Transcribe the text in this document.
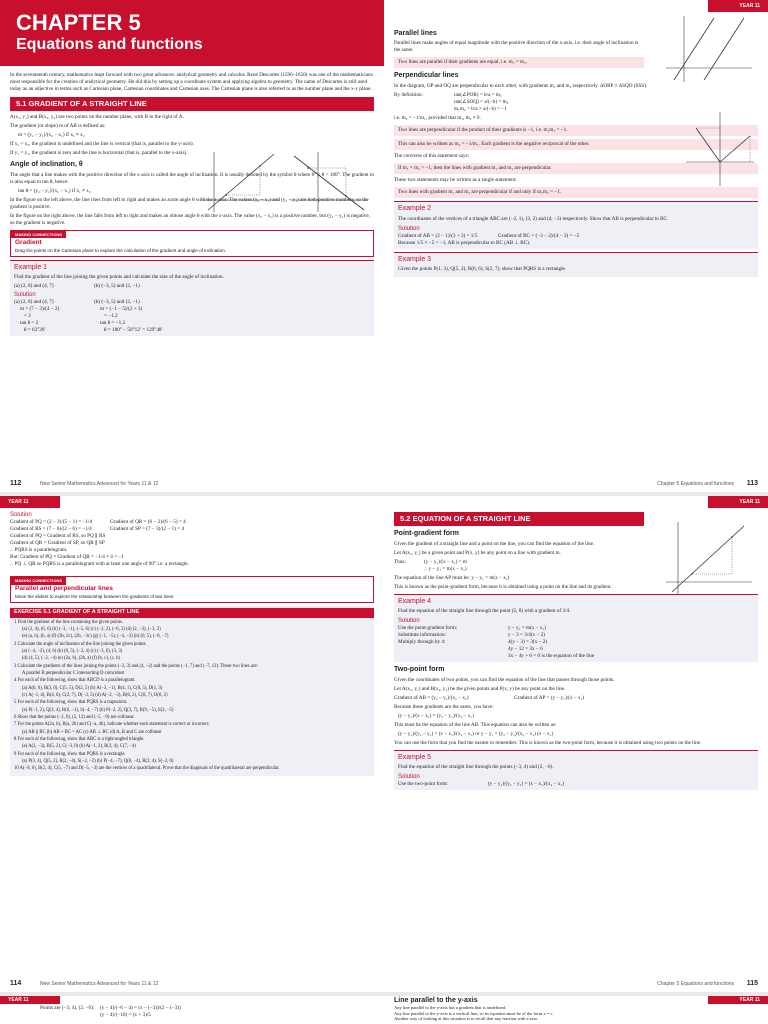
CHAPTER 5
Equations and functions
In the seventeenth century, mathematics leapt forward with two great advances: analytical geometry and calculus. René Descartes (1596–1650) was one of the mathematicians most responsible for the creation of analytical geometry. He did this by setting up a coordinate system and applying algebra to geometry. The name of Descartes is still used today as an adjective in terms such as Cartesian plane, Cartesian coordinates and Cartesian axes. The Cartesian plane is also referred to as the number plane and the x-y plane.
5.1 GRADIENT OF A STRAIGHT LINE
A(x₁, y₁) and B(x₂, y₂) are two points on the number plane, with B to the right of A.
The gradient (or slope) m of AB is defined as:
m = (y₂ − y₁)/(x₂ − x₁) if x₁ ≠ x₂
If x₁ = x₂, the gradient is undefined and the line is vertical (that is, parallel to the y-axis).
If y₁ = y₂, the gradient is zero and the line is horizontal (that is, parallel to the x-axis).
Angle of inclination, θ
The angle that a line makes with the positive direction of the x-axis is called the angle of inclination. It is usually denoted by the symbol θ where 0° ≤ θ < 180°. The gradient m is also equal to tan θ, hence:
tan θ = (y₂ − y₁)/(x₂ − x₁) if x₁ ≠ x₂
In the figure on the left above, the line rises from left to right and makes an acute angle θ with the x-axis. The values (x₂ − x₁) and (y₂ − y₁) are both positive numbers, so the gradient is positive.
In the figure on the right above, the line falls from left to right and makes an obtuse angle θ with the x-axis. The value (x₂ − x₁) is a positive number, but (y₂ − y₁) is negative, so the gradient is negative.
MAKING CONNECTIONS
Gradient
Drag the points on the Cartesian plane to explore the calculation of the gradient and angle of inclination.
Example 1
Find the gradient of the line joining the given points and calculate the size of the angle of inclination.
(a) (2, 8) and (4, 7)	(b) (−3, 5) and (2, −1)
Solution
(a) (2, 8) and (4, 7)
m = (7 − 3)/(4 − 2)
= 2
tan θ = 2
θ = 63°26′
(b) (−3, 5) and (2, −1)
m = (−1 − 5)/(2 + 3)
= −1.2
tan θ = −1.2
θ = 180° − 50°12′ = 129°48′
112	New Senior Mathematics Advanced for Years 11 & 12
YEAR 11
Parallel lines
Parallel lines make angles of equal magnitude with the positive direction of the x-axis, i.e. their angle of inclination is the same.
Two lines are parallel if their gradients are equal, i.e. m₁ = m₂.
Perpendicular lines
In the diagram, OP and OQ are perpendicular to each other, with gradients m₁ and m₂ respectively. ΔORP ≡ ΔSQO (SSS).
By definition:	tan(∠POR) = b/a = m₁
tan(∠SOQ) = a/(−b) = m₂
m₁m₂ = b/a × a/(−b) = −1
i.e. m₂ = −1/m₁, provided that m₁, m₂ ≠ 0.
Two lines are perpendicular if the product of their gradients is −1, i.e. m₁m₂ = −1.
This can also be written as m₂ = −1/m₁. Each gradient is the negative reciprocal of the other.
The converse of this statement says:
If m₁ × m₂ = −1, then the lines with gradient m₁ and m₂ are perpendicular.
These two statements may be written as a single statement:
Two lines with gradient m₁ and m₂ are perpendicular if and only if m₁m₂ = −1.
Example 2
The coordinates of the vertices of a triangle ABC are (−2, 1), (3, 2) and (4, −3) respectively. Show that AB is perpendicular to BC.
Solution
Gradient of AB = (2 − 1)/(3 + 2) = 1/5	Gradient of BC = (−3 − 2)/(4 − 3) = −5
Because 1/5 × −5 = −1, AB is perpendicular to BC (AB ⊥ BC).
Example 3
Given the points P(1, 3), Q(5, 2), R(6, 6), S(2, 7), show that PQRS is a rectangle.
Chapter 5 Equations and functions 113
YEAR 11
Solution
Gradient of PQ = (2 − 3)/(5 − 1) = −1/4	Gradient of QR = (6 − 2)/(6 − 5) = 4
Gradient of RS = (7 − 6)/(2 − 6) = −1/4	Gradient of SP = (7 − 3)/(2 − 1) = 4
Gradient of PQ = Gradient of RS, so PQ ∥ RS
Gradient of QR = Gradient of SP, so QR ∥ SP
∴ PQRS is a parallelogram.
But: Gradient of PQ × Gradient of QR = −1/4 × 4 = −1
∴ PQ ⊥ QR so PQRS is a parallelogram with at least one angle of 90° i.e. a rectangle.
MAKING CONNECTIONS
Parallel and perpendicular lines
Move the sliders to explore the relationship between the gradients of two lines.
EXERCISE 5.1 GRADIENT OF A STRAIGHT LINE
1 Find the gradient of the line containing the given points.
(a) (2, 4), (6, 6) (b) (−3, −1), (−5, 6) (c) (−2, 2), (−6, 2) (d) (2, −3), (−3, 2)
(e) (a, b), (b, a) (f) (3b, 2c), (2b, −3c) (g) (−1, −5), (−4, −3) (h) (0, 5), (−8, −7)
2 Calculate the angle of inclination of the line joining the given points.
(a) (−4, −2), (4, 6) (b) (0, 5), (−2, 4) (c) (−3, 6), (3, 3)
(d) (4, 5), (−2, −4) (e) (2a, b), (2b, a) (f) (b, c), (c, b)
3 Calculate the gradients of the lines joining the points (−2, 3) and (4, −2) and the points (−1, 7) and (−7, 12). These two lines are:
A parallel B perpendicular C intersecting D coincident
4 For each of the following, show that ABCD is a parallelogram.
(a) A(0, 0), B(3, 0), C(5, 5), D(2, 5) (b) A(−3, −1), B(4, 1), C(8, 5), D(1, 3)
(c) A(−1, 4), B(4, 6), C(2, 7), D(−3, 5) (d) A(−2, −3), B(6, 2), C(8, 7), D(0, 2)
5 For each of the following, show that PQRS is a trapezium.
(a) P(−1, 2), Q(3, 4), R(6, −1), S(−4, −7) (b) P(−2, 2), Q(3, 7), R(9, −5), S(2, −5)
6 Show that the points (−2, 0), (2, 12) and (−5, −9) are collinear.
7 For the points A(2a, b), B(a, 2b) and C(−a, 4b), indicate whether each statement is correct or incorrect.
(a) AB ∥ BC (b) AB + BC = AC (c) AB ⊥ BC (d) A, B and C are collinear
8 For each of the following, show that ABC is a right-angled triangle.
(a) A(2, −3), B(5, 2), C(−3, 0) (b) A(−1, 2), B(3, 4), C(7, −4)
9 For each of the following, show that PQRS is a rectangle.
(a) P(3, 4), Q(5, 2), R(2, −4), S(−2, −2) (b) P(−4, −7), Q(8, −4), R(2, 4), S(−2, 0)
10 A(−8, 6), B(2, 4), C(5, −7) and D(−5, −3) are the vertices of a quadrilateral. Prove that the diagonals of the quadrilateral are perpendicular.
114	New Senior Mathematics Advanced for Years 11 & 12
YEAR 11
5.2 EQUATION OF A STRAIGHT LINE
Point-gradient form
Given the gradient of a straight line and a point on the line, you can find the equation of the line.
Let A(x₁, y₁) be a given point and P(x, y) be any point on a line with gradient m.
Thus:	(y − y₁)/(x − x₁) = m
∴ y − y₁ = m(x − x₁)
The equation of the line AP must be: y − y₁ = m(x − x₁)
This is known as the point-gradient form, because it is obtained using a point on the line and its gradient.
Example 4
Find the equation of the straight line through the point (2, 8) with a gradient of 3/4.
Solution
Use the point-gradient form:	y − y₁ = m(x − x₁)
Substitute information:	y − 3 = 3/4(x − 2)
Multiply through by 4:	4(y − 3) = 3(x − 2)
4y − 12 = 3x − 6
3x − 4y + 6 = 0 is the equation of the line
Two-point form
Given the coordinates of two points, you can find the equation of the line that passes through those points.
Let A(x₁, y₁) and B(x₂, y₂) be the given points and P(x, y) be any point on the line.
Gradient of AB = (y₂ − y₁)/(x₂ − x₁)	Gradient of AP = (y − y₁)/(x − x₁)
Because these gradients are the same, you have:
(y − y₁)/(x − x₁) = (y₂ − y₁)/(x₂ − x₁)
This must be the equation of the line AB. This equation can also be written as:
(y − y₁)/(y₂ − y₁) = (x − x₁)/(x₂ − x₁) or y − y₁ = (y₂ − y₁)/(x₂ − x₁) (x − x₁)
You can use the form that you find the easiest to remember. This is known as the two-point form, because it is obtained using two points on the line.
Example 5
Find the equation of the straight line through the points (−3, 4) and (2, −6).
Solution
Use the two-point form:	(y − y₁)/(y₂ − y₁) = (x − x₁)/(x₂ − x₁)
Chapter 5 Equations and functions 115
YEAR 11
Points are (−3, 4), (2, −6):	(y − 4)/(−6 − 4) = (x − (−3))/(2 − (−3))
(y − 4)/(−10) = (x + 3)/5
YEAR 11
Line parallel to the y-axis
Any line parallel to the y-axis has a gradient that is undefined.
Any line parallel to the y-axis is a vertical line, so its equation must be of the form x = c.
Another way of looking at this situation is to recall that any fraction with a zero
